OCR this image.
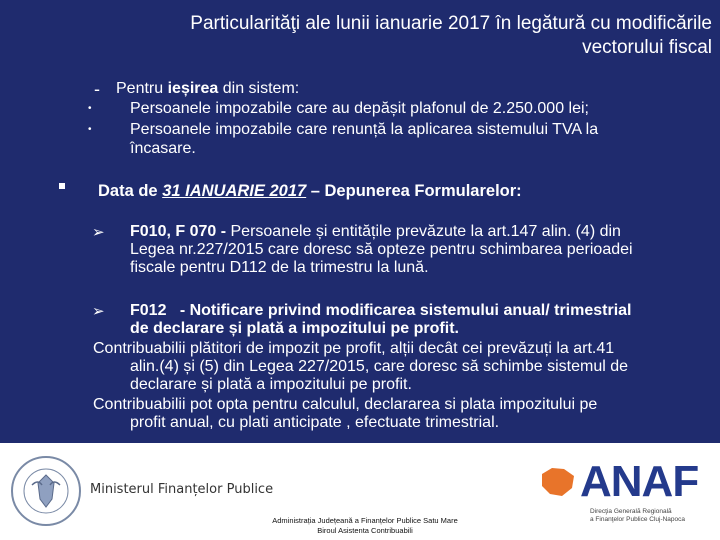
Particularităţi ale lunii ianuarie 2017 în legătură cu modificările
vectorului fiscal
- Pentru ieșirea din sistem:
• Persoanele impozabile care au depășit plafonul de 2.250.000 lei;
• Persoanele impozabile care renunță la aplicarea sistemului TVA la
încasare.
Data de 31 IANUARIE 2017 – Depunerea Formularelor:
➢ F010, F 070 - Persoanele și entitățile prevăzute la art.147 alin. (4) din
Legea nr.227/2015 care doresc să opteze pentru schimbarea perioadei
fiscale pentru D112 de la trimestru la lună.
➢ F012 - Notificare privind modificarea sistemului anual/ trimestrial
de declarare și plată a impozitului pe profit.
Contribuabilii plătitori de impozit pe profit, alții decât cei prevăzuți la art.41
alin.(4) și (5) din Legea 227/2015, care doresc să schimbe sistemul de
declarare și plată a impozitului pe profit.
Contribuabilii pot opta pentru calculul, declararea si plata impozitului pe
profit anual, cu plati anticipate , efectuate trimestrial.
Ministerul Finanțelor Publice
Administrația Județeană a Finanțelor Publice Satu Mare
Biroul Asistenta Contribuabili
ANAF
Direcţia Generală Regională
a Finanţelor Publice Cluj-Napoca
